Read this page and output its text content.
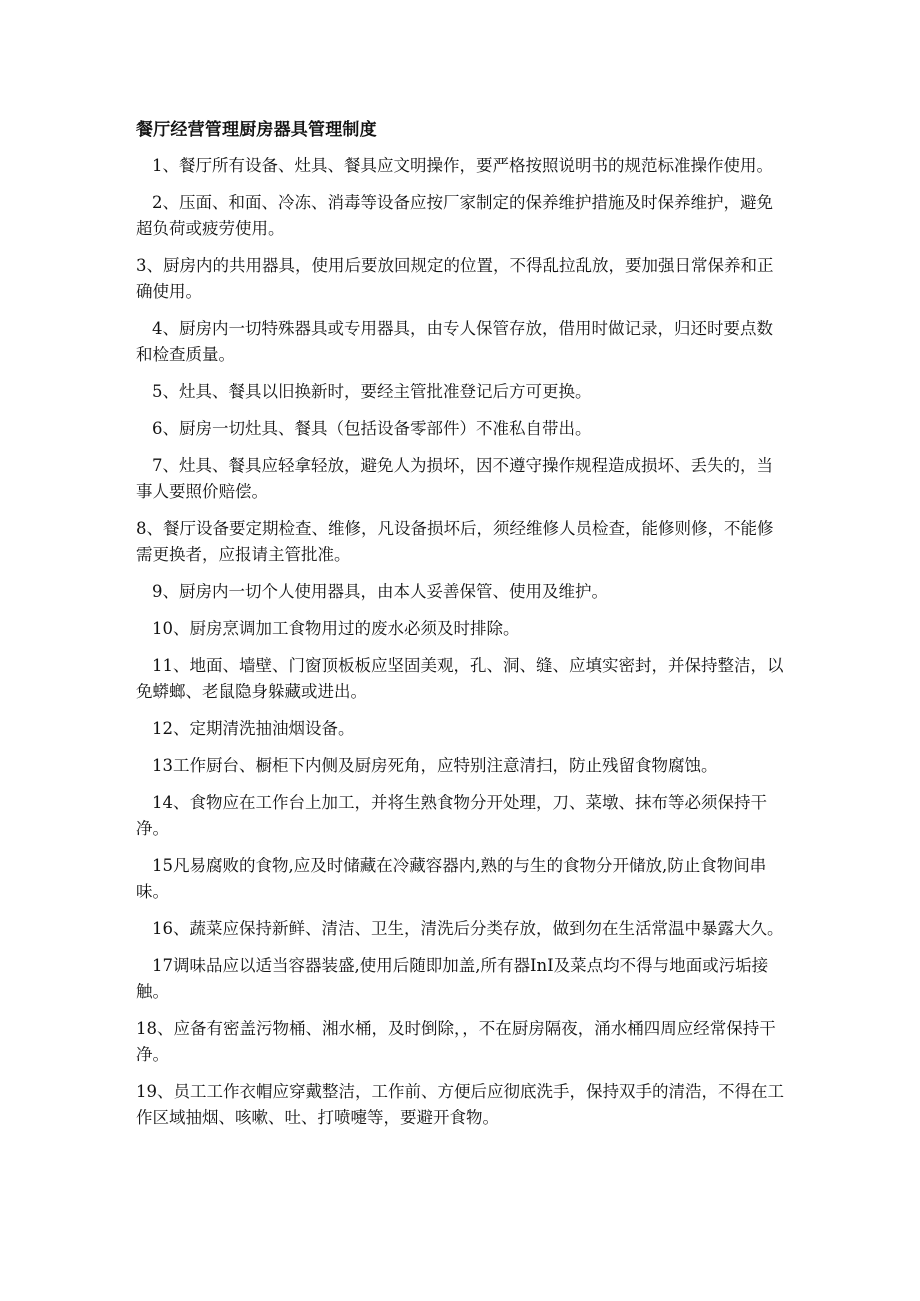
餐厅经营管理厨房器具管理制度

1、餐厅所有设备、灶具、餐具应文明操作，要严格按照说明书的规范标准操作使用。

2、压面、和面、冷冻、消毒等设备应按厂家制定的保养维护措施及时保养维护，避免超负荷或疲劳使用。

3、厨房内的共用器具，使用后要放回规定的位置，不得乱拉乱放，要加强日常保养和正确使用。

4、厨房内一切特殊器具或专用器具，由专人保管存放，借用时做记录，归还时要点数和检查质量。

5、灶具、餐具以旧换新时，要经主管批准登记后方可更换。

6、厨房一切灶具、餐具（包括设备零部件）不准私自带出。

7、灶具、餐具应轻拿轻放，避免人为损坏，因不遵守操作规程造成损坏、丢失的，当事人要照价赔偿。

8、餐厅设备要定期检查、维修，凡设备损坏后，须经维修人员检查，能修则修，不能修需更换者，应报请主管批准。

9、厨房内一切个人使用器具，由本人妥善保管、使用及维护。

10、厨房烹调加工食物用过的废水必须及时排除。

11、地面、墙壁、门窗顶板板应坚固美观，孔、洞、缝、应填实密封，并保持整洁，以免蟒螂、老鼠隐身躲藏或进出。

12、定期清洗抽油烟设备。

13工作厨台、橱柜下内侧及厨房死角，应特别注意清扫，防止残留食物腐蚀。

14、食物应在工作台上加工，并将生熟食物分开处理，刀、菜墩、抹布等必须保持干净。

15凡易腐败的食物,应及时储藏在冷藏容器内,熟的与生的食物分开储放,防止食物间串味。

16、蔬菜应保持新鲜、清洁、卫生，清洗后分类存放，做到勿在生活常温中暴露大久。

17调味品应以适当容器装盛,使用后随即加盖,所有器InI及菜点均不得与地面或污垢接触。

18、应备有密盖污物桶、湘水桶，及时倒除，，不在厨房隔夜，涌水桶四周应经常保持干净。

19、员工工作衣帽应穿戴整洁，工作前、方便后应彻底洗手，保持双手的清浩，不得在工作区域抽烟、咳嗽、吐、打喷嚏等，要避开食物。
